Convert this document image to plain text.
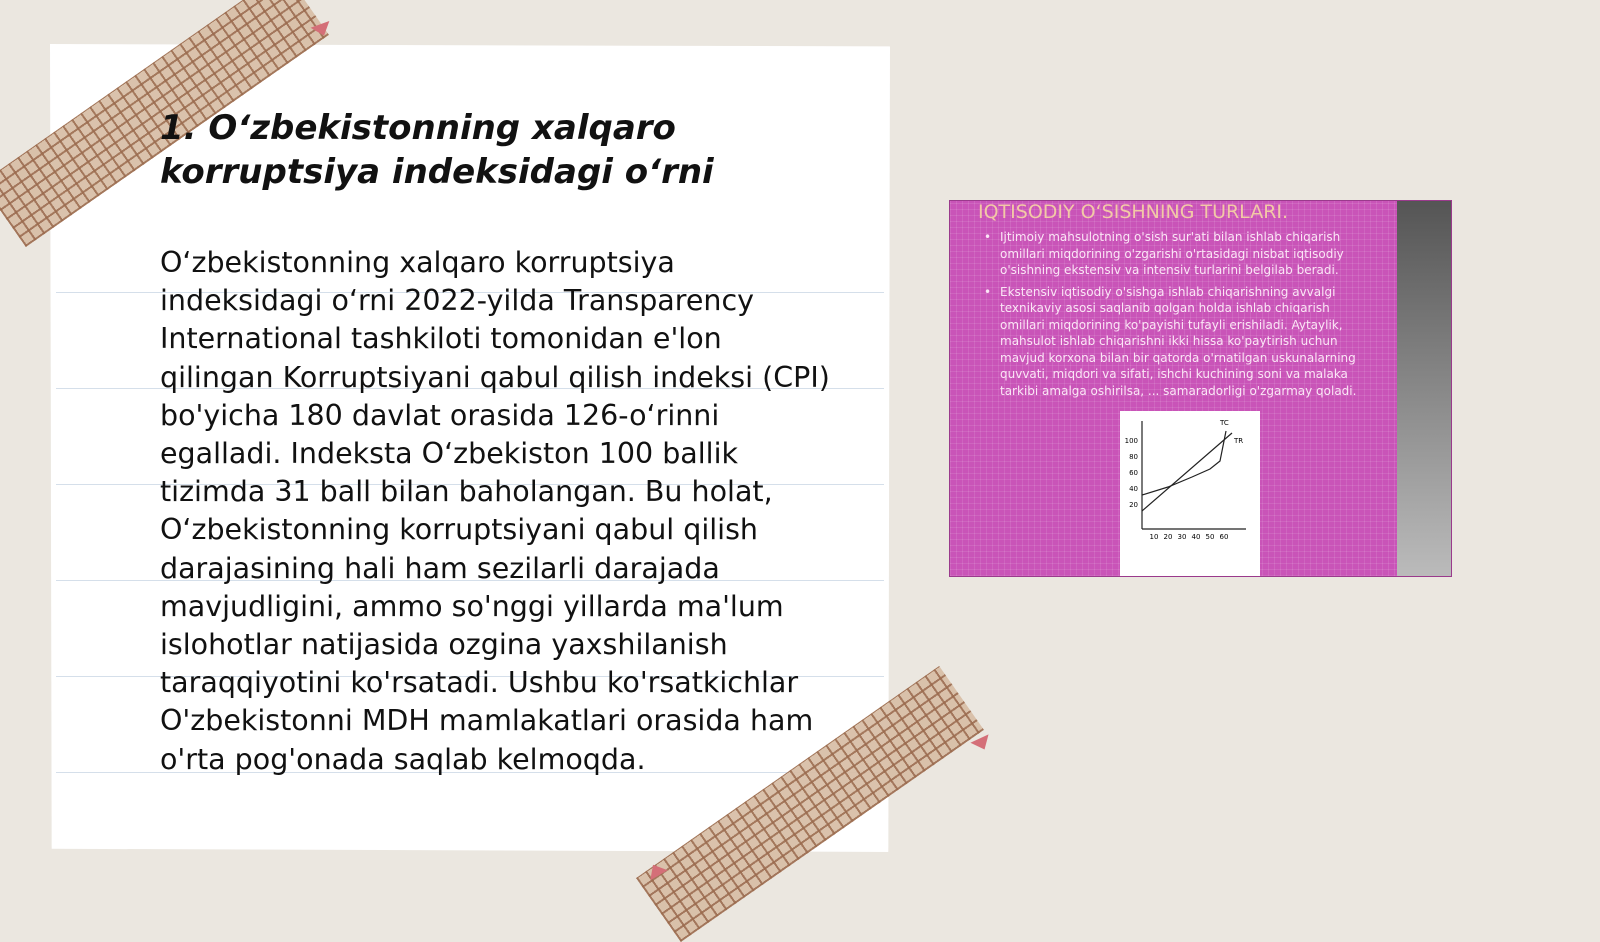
1. O‘zbekistonning xalqaro korruptsiya indeksidagi o‘rni

O‘zbekistonning xalqaro korruptsiya indeksidagi o‘rni 2022-yilda Transparency International tashkiloti tomonidan e'lon qilingan Korruptsiyani qabul qilish indeksi (CPI) bo'yicha 180 davlat orasida 126-o‘rinni egalladi. Indeksta O‘zbekiston 100 ballik tizimda 31 ball bilan baholangan. Bu holat, O‘zbekistonning korruptsiyani qabul qilish darajasining hali ham sezilarli darajada mavjudligini, ammo so'nggi yillarda ma'lum islohotlar natijasida ozgina yaxshilanish taraqqiyotini ko'rsatadi. Ushbu ko'rsatkichlar O'zbekistonni MDH mamlakatlari orasida ham o'rta pog'onada saqlab kelmoqda.

IQTISODIY O‘SISHNING TURLARI.
• Ijtimoiy mahsulotning o'sish sur'ati bilan ishlab chiqarish omillari miqdorining o'zgarishi o'rtasidagi nisbat iqtisodiy o'sishning ekstensiv va intensiv turlarini belgilab beradi.
• Ekstensiv iqtisodiy o'sishga ishlab chiqarishning avvalgi texnikaviy asosi saqlanib qolgan holda ishlab chiqarish omillari miqdorining ko'payishi tufayli erishiladi. Aytaylik, mahsulot ishlab chiqarishni ikki hissa ko'paytirish uchun mavjud korxona bilan bir qatorda o'rnatilgan uskunalarning quvvati, miqdori va sifati, ishchi kuchining soni va malaka tarkibi amalga oshirilsa, ... samaradorligi o'zgarmay qoladi.
100
80
60
40
20
10 20 30 40 50 60
TC
TR
